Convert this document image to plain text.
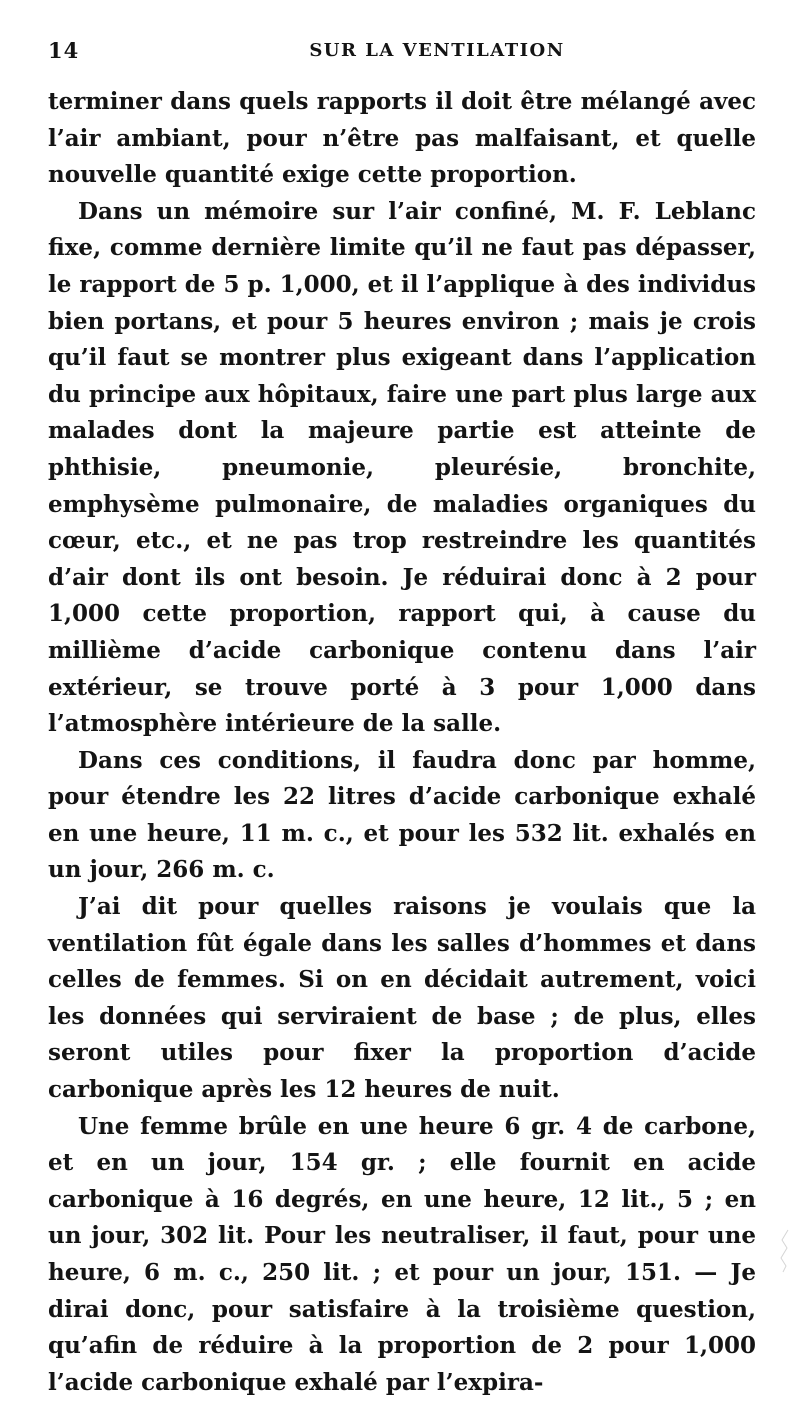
14	SUR LA VENTILATION

terminer dans quels rapports il doit être mélangé avec l’air ambiant, pour n’être pas malfaisant, et quelle nouvelle quantité exige cette proportion.

Dans un mémoire sur l’air confiné, M. F. Leblanc fixe, comme dernière limite qu’il ne faut pas dépasser, le rapport de 5 p. 1,000, et il l’applique à des individus bien portans, et pour 5 heures environ ; mais je crois qu’il faut se montrer plus exigeant dans l’application du principe aux hôpitaux, faire une part plus large aux malades dont la majeure partie est atteinte de phthisie, pneumonie, pleurésie, bronchite, emphysème pulmonaire, de maladies organiques du cœur, etc., et ne pas trop restreindre les quantités d’air dont ils ont besoin. Je réduirai donc à 2 pour 1,000 cette proportion, rapport qui, à cause du millième d’acide carbonique contenu dans l’air extérieur, se trouve porté à 3 pour 1,000 dans l’atmosphère intérieure de la salle.

Dans ces conditions, il faudra donc par homme, pour étendre les 22 litres d’acide carbonique exhalé en une heure, 11 m. c., et pour les 532 lit. exhalés en un jour, 266 m. c.

J’ai dit pour quelles raisons je voulais que la ventilation fût égale dans les salles d’hommes et dans celles de femmes. Si on en décidait autrement, voici les données qui serviraient de base ; de plus, elles seront utiles pour fixer la proportion d’acide carbonique après les 12 heures de nuit.

Une femme brûle en une heure 6 gr. 4 de carbone, et en un jour, 154 gr. ; elle fournit en acide carbonique à 16 degrés, en une heure, 12 lit., 5 ; en un jour, 302 lit. Pour les neutraliser, il faut, pour une heure, 6 m. c., 250 lit. ; et pour un jour, 151. — Je dirai donc, pour satisfaire à la troisième question, qu’afin de réduire à la proportion de 2 pour 1,000 l’acide carbonique exhalé par l’expira-
